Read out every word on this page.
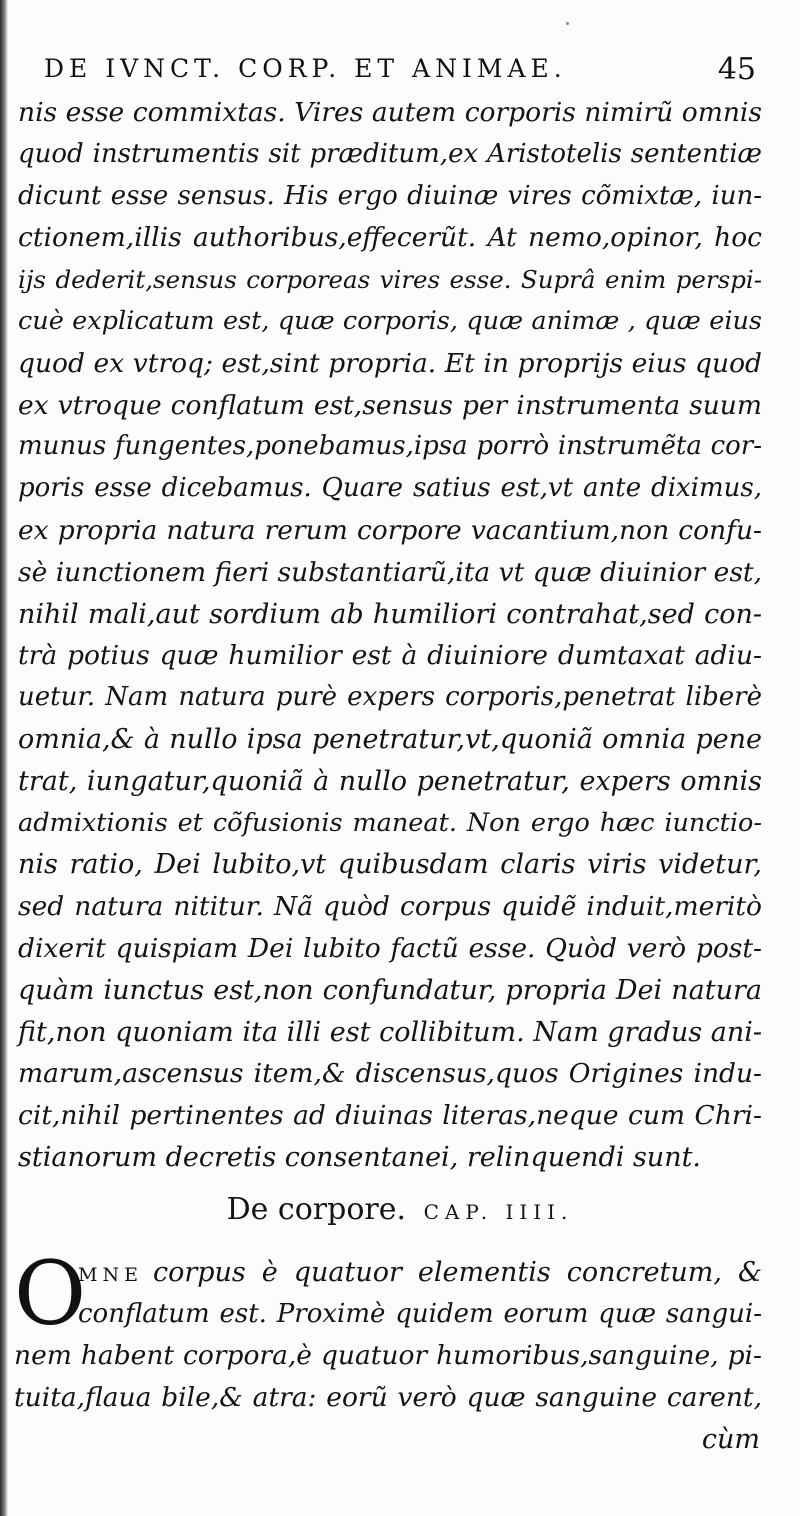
DE IVNCT. CORP. ET ANIMAE.	45
nis esse commixtas. Vires autem corporis nimirũ omnis
quod instrumentis sit præditum,ex Aristotelis sententiæ
dicunt esse sensus. His ergo diuinæ vires cõmixtæ, iun-
ctionem,illis authoribus,effecerũt. At nemo,opinor, hoc
ijs dederit,sensus corporeas vires esse. Suprâ enim perspi-
cuè explicatum est, quæ corporis, quæ animæ , quæ eius
quod ex vtroq; est,sint propria. Et in proprijs eius quod
ex vtroque conflatum est,sensus per instrumenta suum
munus fungentes,ponebamus,ipsa porrò instrumẽta cor-
poris esse dicebamus. Quare satius est,vt ante diximus,
ex propria natura rerum corpore vacantium,non confu-
sè iunctionem fieri substantiarũ,ita vt quæ diuinior est,
nihil mali,aut sordium ab humiliori contrahat,sed con-
trà potius quæ humilior est à diuiniore dumtaxat adiu-
uetur. Nam natura purè expers corporis,penetrat liberè
omnia,& à nullo ipsa penetratur,vt,quoniã omnia pene
trat, iungatur,quoniã à nullo penetratur, expers omnis
admixtionis et cõfusionis maneat. Non ergo hæc iunctio-
nis ratio, Dei lubito,vt quibusdam claris viris videtur,
sed natura nititur. Nã quòd corpus quidẽ induit,meritò
dixerit quispiam Dei lubito factũ esse. Quòd verò post-
quàm iunctus est,non confundatur, propria Dei natura
fit,non quoniam ita illi est collibitum. Nam gradus ani-
marum,ascensus item,& discensus,quos Origines indu-
cit,nihil pertinentes ad diuinas literas,neque cum Chri-
stianorum decretis consentanei, relinquendi sunt.
De corpore. CAP. IIII.
O
MNE corpus è quatuor elementis concretum, &
conflatum est. Proximè quidem eorum quæ sangui-
nem habent corpora,è quatuor humoribus,sanguine, pi-
tuita,flaua bile,& atra: eorũ verò quæ sanguine carent,
cùm
